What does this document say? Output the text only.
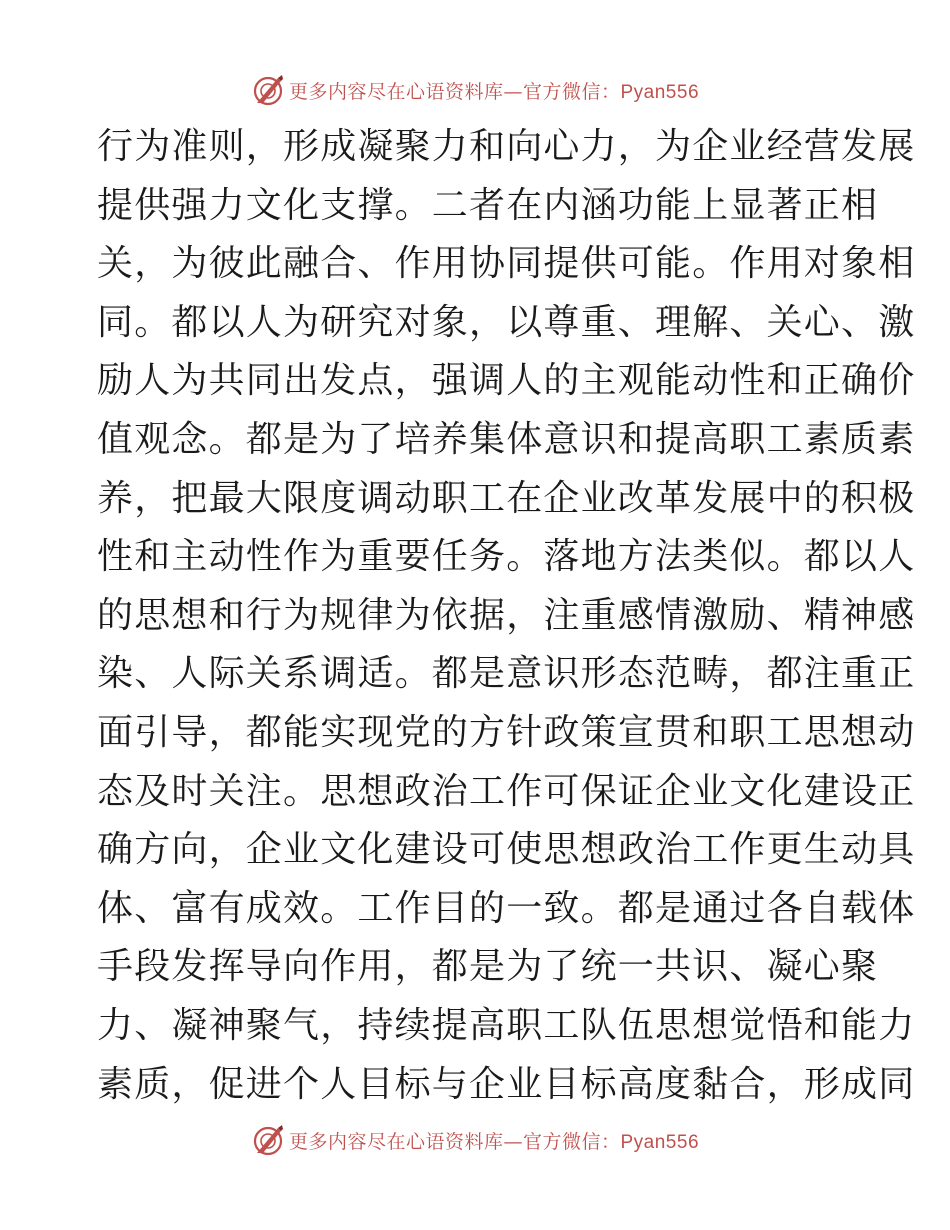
更多内容尽在心语资料库—官方微信：Pyan556
行为准则，形成凝聚力和向心力，为企业经营发展
提供强力文化支撑。二者在内涵功能上显著正相
关，为彼此融合、作用协同提供可能。作用对象相
同。都以人为研究对象，以尊重、理解、关心、激
励人为共同出发点，强调人的主观能动性和正确价
值观念。都是为了培养集体意识和提高职工素质素
养，把最大限度调动职工在企业改革发展中的积极
性和主动性作为重要任务。落地方法类似。都以人
的思想和行为规律为依据，注重感情激励、精神感
染、人际关系调适。都是意识形态范畴，都注重正
面引导，都能实现党的方针政策宣贯和职工思想动
态及时关注。思想政治工作可保证企业文化建设正
确方向，企业文化建设可使思想政治工作更生动具
体、富有成效。工作目的一致。都是通过各自载体
手段发挥导向作用，都是为了统一共识、凝心聚
力、凝神聚气，持续提高职工队伍思想觉悟和能力
素质，促进个人目标与企业目标高度黏合，形成同
更多内容尽在心语资料库—官方微信：Pyan556
